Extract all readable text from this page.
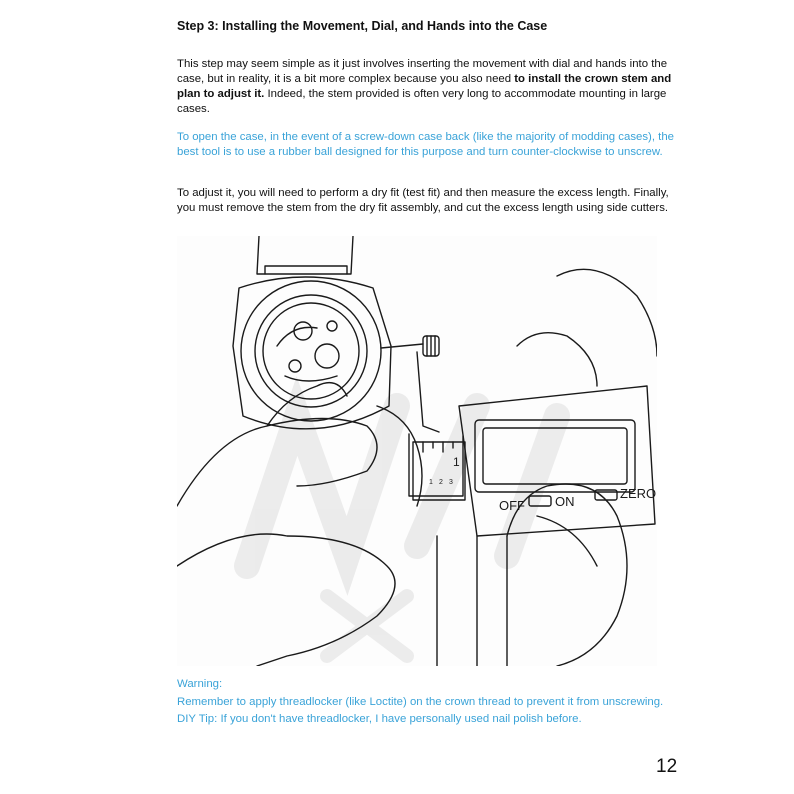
Step 3: Installing the Movement, Dial, and Hands into the Case
This step may seem simple as it just involves inserting the movement with dial and hands into the case, but in reality, it is a bit more complex because you also need to install the crown stem and plan to adjust it. Indeed, the stem provided is often very long to accommodate mounting in large cases.
To open the case, in the event of a screw-down case back (like the majority of modding cases), the best tool is to use a rubber ball designed for this purpose and turn counter-clockwise to unscrew.
To adjust it, you will need to perform a dry fit (test fit) and then measure the excess length. Finally, you must remove the stem from the dry fit assembly, and cut the excess length using side cutters.
OFF ON
ZERO
1
1 2 3
Warning:
Remember to apply threadlocker (like Loctite) on the crown thread to prevent it from unscrewing.
DIY Tip: If you don't have threadlocker, I have personally used nail polish before.
12
